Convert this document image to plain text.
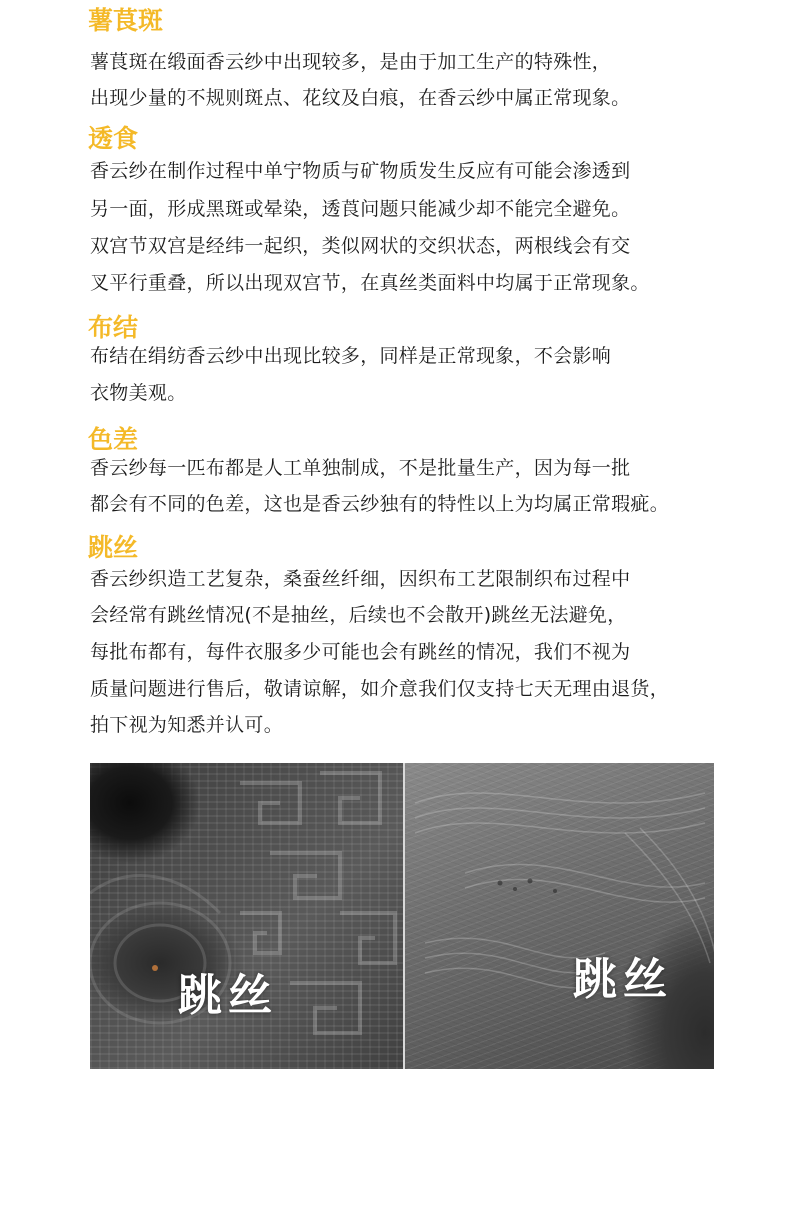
薯茛斑
薯茛斑在缎面香云纱中出现较多，是由于加工生产的特殊性，
出现少量的不规则斑点、花纹及白痕，在香云纱中属正常现象。
透食
香云纱在制作过程中单宁物质与矿物质发生反应有可能会渗透到
另一面，形成黑斑或晕染，透莨问题只能减少却不能完全避免。
双宫节双宫是经纬一起织，类似网状的交织状态，两根线会有交
叉平行重叠，所以出现双宫节，在真丝类面料中均属于正常现象。
布结
布结在绢纺香云纱中出现比较多，同样是正常现象，不会影响
衣物美观。
色差
香云纱每一匹布都是人工单独制成，不是批量生产，因为每一批
都会有不同的色差，这也是香云纱独有的特性以上为均属正常瑕疵。
跳丝
香云纱织造工艺复杂，桑蚕丝纤细，因织布工艺限制织布过程中
会经常有跳丝情况(不是抽丝，后续也不会散开)跳丝无法避免，
每批布都有，每件衣服多少可能也会有跳丝的情况，我们不视为
质量问题进行售后，敬请谅解，如介意我们仅支持七天无理由退货，
拍下视为知悉并认可。
跳丝	跳丝
